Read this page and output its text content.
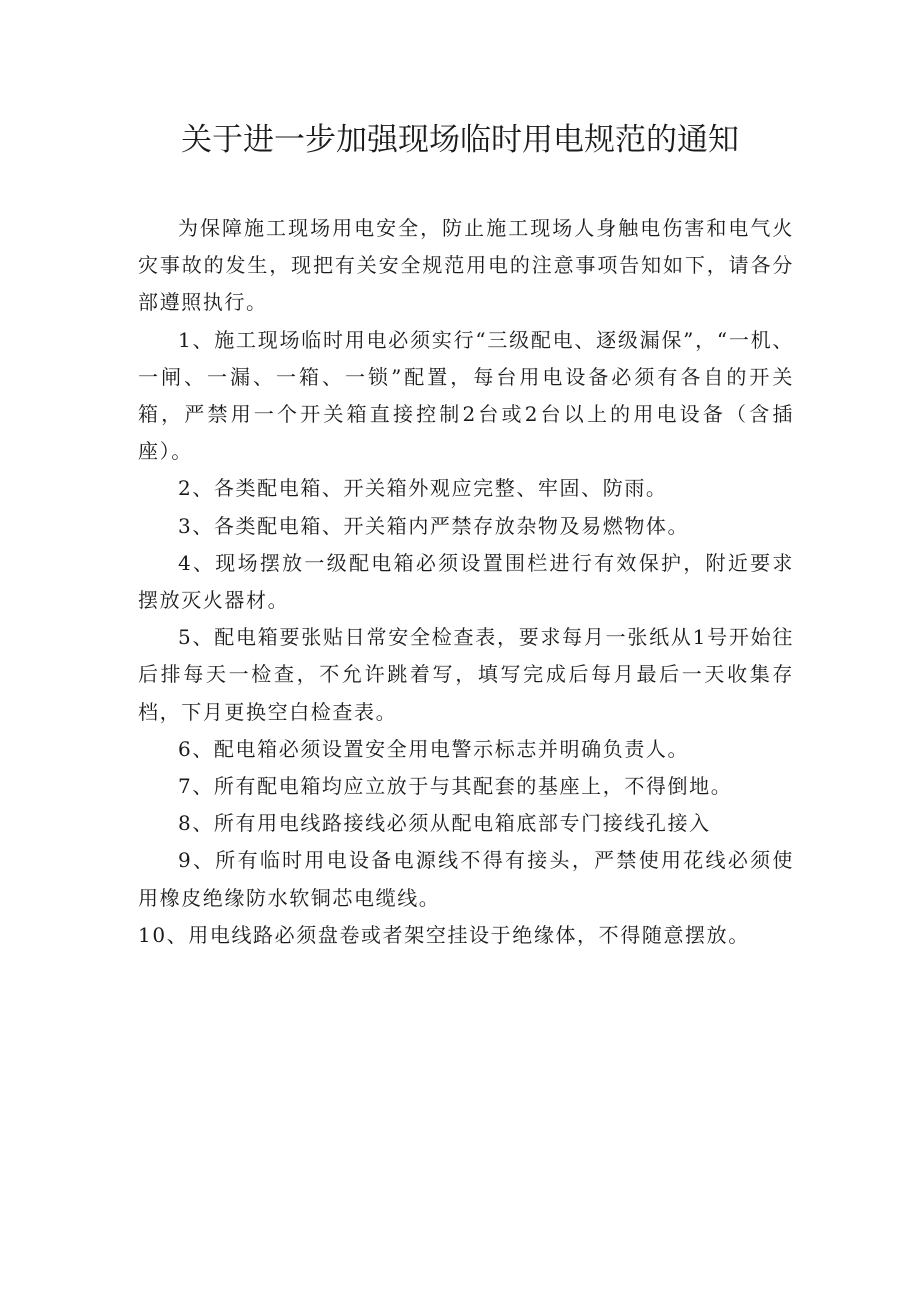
关于进一步加强现场临时用电规范的通知

为保障施工现场用电安全，防止施工现场人身触电伤害和电气火灾事故的发生，现把有关安全规范用电的注意事项告知如下，请各分部遵照执行。

1、施工现场临时用电必须实行“三级配电、逐级漏保”，“一机、一闸、一漏、一箱、一锁”配置，每台用电设备必须有各自的开关箱，严禁用一个开关箱直接控制2台或2台以上的用电设备（含插座）。

2、各类配电箱、开关箱外观应完整、牢固、防雨。

3、各类配电箱、开关箱内严禁存放杂物及易燃物体。

4、现场摆放一级配电箱必须设置围栏进行有效保护，附近要求摆放灭火器材。

5、配电箱要张贴日常安全检查表，要求每月一张纸从1号开始往后排每天一检查，不允许跳着写，填写完成后每月最后一天收集存档，下月更换空白检查表。

6、配电箱必须设置安全用电警示标志并明确负责人。

7、所有配电箱均应立放于与其配套的基座上，不得倒地。

8、所有用电线路接线必须从配电箱底部专门接线孔接入

9、所有临时用电设备电源线不得有接头，严禁使用花线必须使用橡皮绝缘防水软铜芯电缆线。

10、用电线路必须盘卷或者架空挂设于绝缘体，不得随意摆放。
